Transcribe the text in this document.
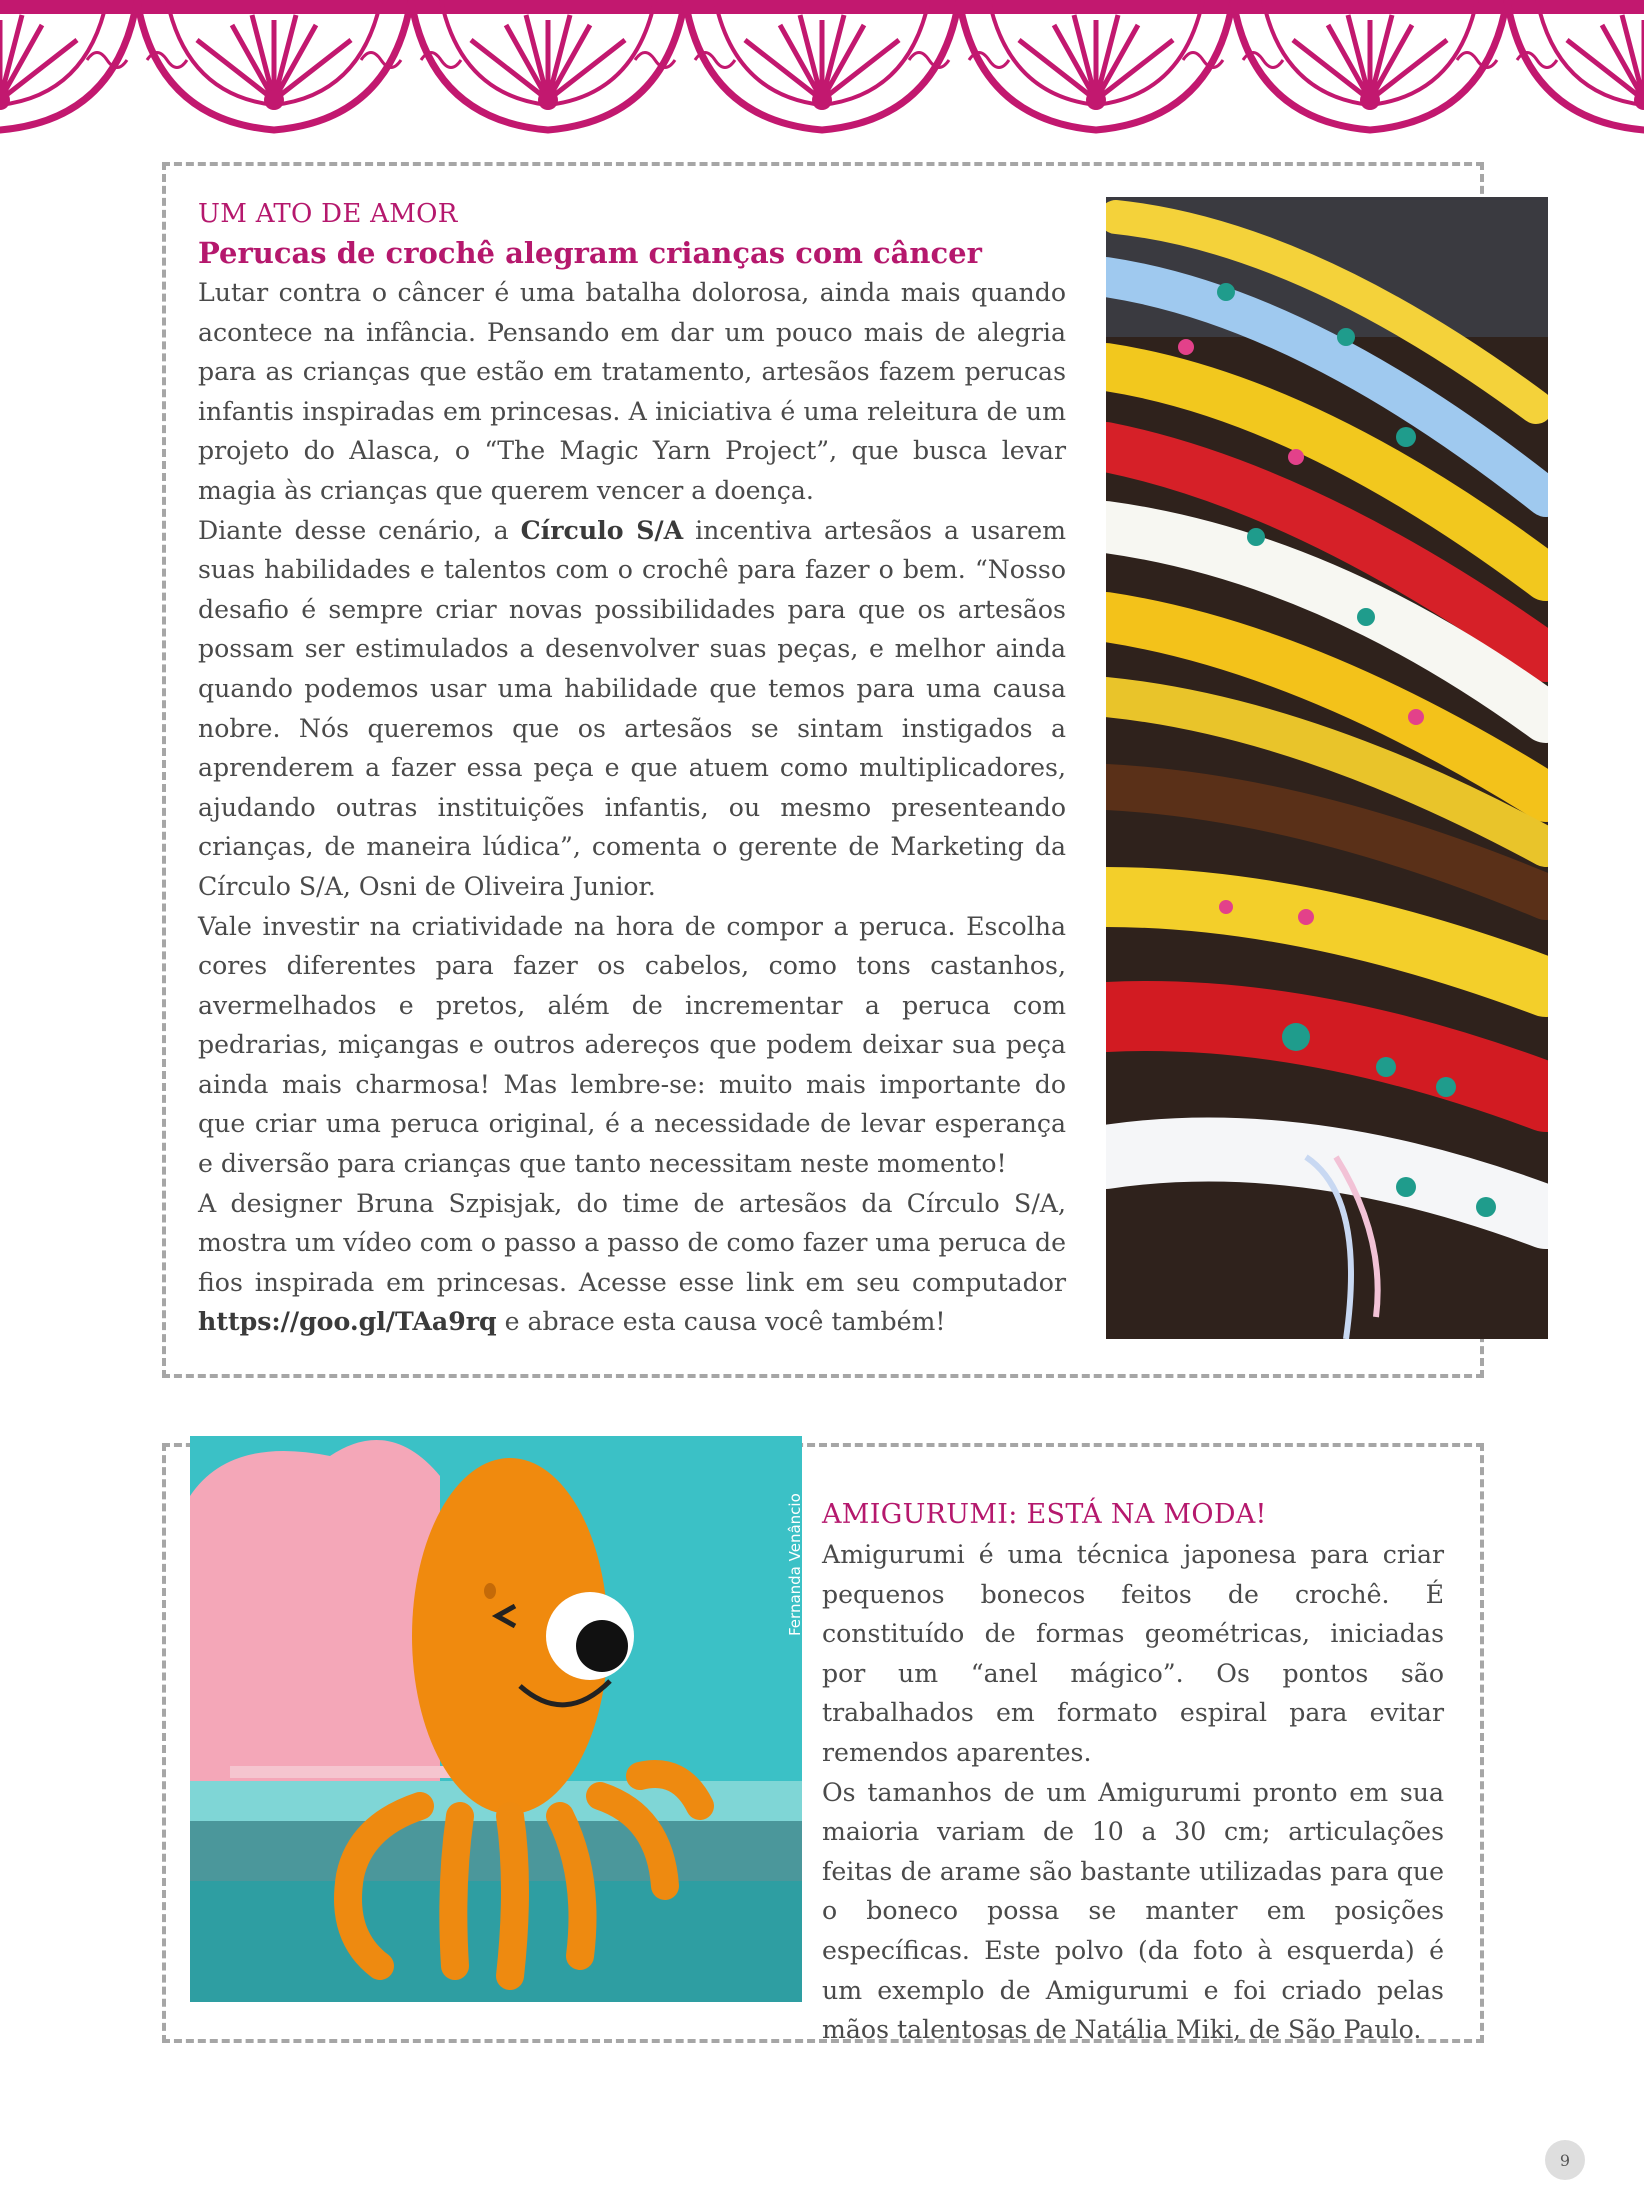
UM ATO DE AMOR
Perucas de crochê alegram crianças com câncer

Lutar contra o câncer é uma batalha dolorosa, ainda mais quando acontece na infância. Pensando em dar um pouco mais de alegria para as crianças que estão em tratamento, artesãos fazem perucas infantis inspiradas em princesas. A iniciativa é uma releitura de um projeto do Alasca, o “The Magic Yarn Project”, que busca levar magia às crianças que querem vencer a doença.

Diante desse cenário, a Círculo S/A incentiva artesãos a usarem suas habilidades e talentos com o crochê para fazer o bem. “Nosso desafio é sempre criar novas possibilidades para que os artesãos possam ser estimulados a desenvolver suas peças, e melhor ainda quando podemos usar uma habilidade que temos para uma causa nobre. Nós queremos que os artesãos se sintam instigados a aprenderem a fazer essa peça e que atuem como multiplicadores, ajudando outras instituições infantis, ou mesmo presenteando crianças, de maneira lúdica”, comenta o gerente de Marketing da Círculo S/A, Osni de Oliveira Junior.

Vale investir na criatividade na hora de compor a peruca. Escolha cores diferentes para fazer os cabelos, como tons castanhos, avermelhados e pretos, além de incrementar a peruca com pedrarias, miçangas e outros adereços que podem deixar sua peça ainda mais charmosa! Mas lembre-se: muito mais importante do que criar uma peruca original, é a necessidade de levar esperança e diversão para crianças que tanto necessitam neste momento!

A designer Bruna Szpisjak, do time de artesãos da Círculo S/A, mostra um vídeo com o passo a passo de como fazer uma peruca de fios inspirada em princesas. Acesse esse link em seu computador https://goo.gl/TAa9rq e abrace esta causa você também!

Fernanda Venâncio AMIGURUMI: ESTÁ NA MODA!

Amigurumi é uma técnica japonesa para criar pequenos bonecos feitos de crochê. É constituído de formas geométricas, iniciadas por um “anel mágico”. Os pontos são trabalhados em formato espiral para evitar remendos aparentes.

Os tamanhos de um Amigurumi pronto em sua maioria variam de 10 a 30 cm; articulações feitas de arame são bastante utilizadas para que o boneco possa se manter em posições específicas. Este polvo (da foto à esquerda) é um exemplo de Amigurumi e foi criado pelas mãos talentosas de Natália Miki, de São Paulo.

9
